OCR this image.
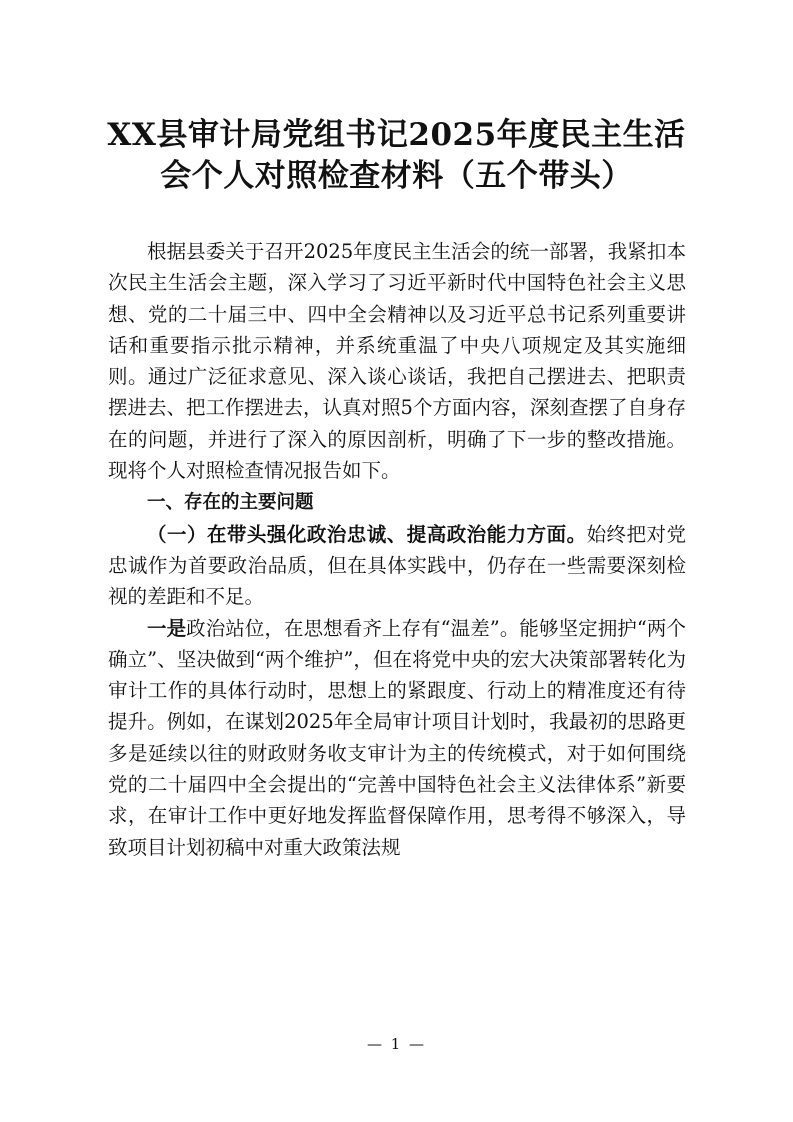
XX县审计局党组书记2025年度民主生活
会个人对照检查材料（五个带头）

根据县委关于召开2025年度民主生活会的统一部署，我紧扣本次民主生活会主题，深入学习了习近平新时代中国特色社会主义思想、党的二十届三中、四中全会精神以及习近平总书记系列重要讲话和重要指示批示精神，并系统重温了中央八项规定及其实施细则。通过广泛征求意见、深入谈心谈话，我把自己摆进去、把职责摆进去、把工作摆进去，认真对照5个方面内容，深刻查摆了自身存在的问题，并进行了深入的原因剖析，明确了下一步的整改措施。现将个人对照检查情况报告如下。

一、存在的主要问题

（一）在带头强化政治忠诚、提高政治能力方面。始终把对党忠诚作为首要政治品质，但在具体实践中，仍存在一些需要深刻检视的差距和不足。

一是政治站位，在思想看齐上存有“温差”。能够坚定拥护“两个确立”、坚决做到“两个维护”，但在将党中央的宏大决策部署转化为审计工作的具体行动时，思想上的紧跟度、行动上的精准度还有待提升。例如，在谋划2025年全局审计项目计划时，我最初的思路更多是延续以往的财政财务收支审计为主的传统模式，对于如何围绕党的二十届四中全会提出的“完善中国特色社会主义法律体系”新要求，在审计工作中更好地发挥监督保障作用，思考得不够深入，导致项目计划初稿中对重大政策法规

— 1 —
